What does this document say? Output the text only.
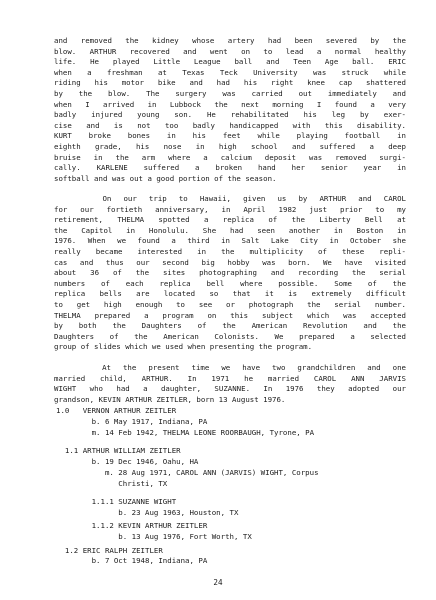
and removed the kidney whose artery had been severed by the
blow. ARTHUR recovered and went on to lead a normal healthy
life. He played Little League ball and Teen Age ball. ERIC
when a freshman at Texas Teck University was struck while
riding his motor bike and had his right knee cap shattered
by the blow. The surgery was carried out immediately and
when I arrived in Lubbock the next morning I found a very
badly injured young son. He rehabilitated his leg by exer-
cise and is not too badly handicapped with this disability.
KURT broke bones in his feet while playing football in
eighth grade, his nose in high school and suffered a deep
bruise in the arm where a calcium deposit was removed surgi-
cally. KARLENE suffered a broken hand her senior year in
softball and was out a good portion of the season.
On our trip to Hawaii, given us by ARTHUR and CAROL
for our fortieth anniversary, in April 1982 just prior to my
retirement, THELMA spotted a replica of the Liberty Bell at
the Capitol in Honolulu. She had seen another in Boston in
1976. When we found a third in Salt Lake City in October she
really became interested in the multiplicity of these repli-
cas and thus our second big hobby was born. We have visited
about 36 of the sites photographing and recording the serial
numbers of each replica bell where possible. Some of the
replica bells are located so that it is extremely difficult
to get high enough to see or photograph the serial number.
THELMA prepared a program on this subject which was accepted
by both the Daughters of the American Revolution and the
Daughters of the American Colonists. We prepared a selected
group of slides which we used when presenting the program.
At the present time we have two grandchildren and one
married child, ARTHUR. In 1971 he married CAROL ANN JARVIS
WIGHT who had a daughter, SUZANNE. In 1976 they adopted our
grandson, KEVIN ARTHUR ZEITLER, born 13 August 1976.
1.0   VERNON ARTHUR ZEITLER
b. 6 May 1917, Indiana, PA
m. 14 Feb 1942, THELMA LEONE ROORBAUGH, Tyrone, PA
1.1 ARTHUR WILLIAM ZEITLER
b. 19 Dec 1946, Oahu, HA
m. 28 Aug 1971, CAROL ANN (JARVIS) WIGHT, Corpus
Christi, TX
1.1.1 SUZANNE WIGHT
b. 23 Aug 1963, Houston, TX
1.1.2 KEVIN ARTHUR ZEITLER
b. 13 Aug 1976, Fort Worth, TX
1.2 ERIC RALPH ZEITLER
b. 7 Oct 1948, Indiana, PA
24
